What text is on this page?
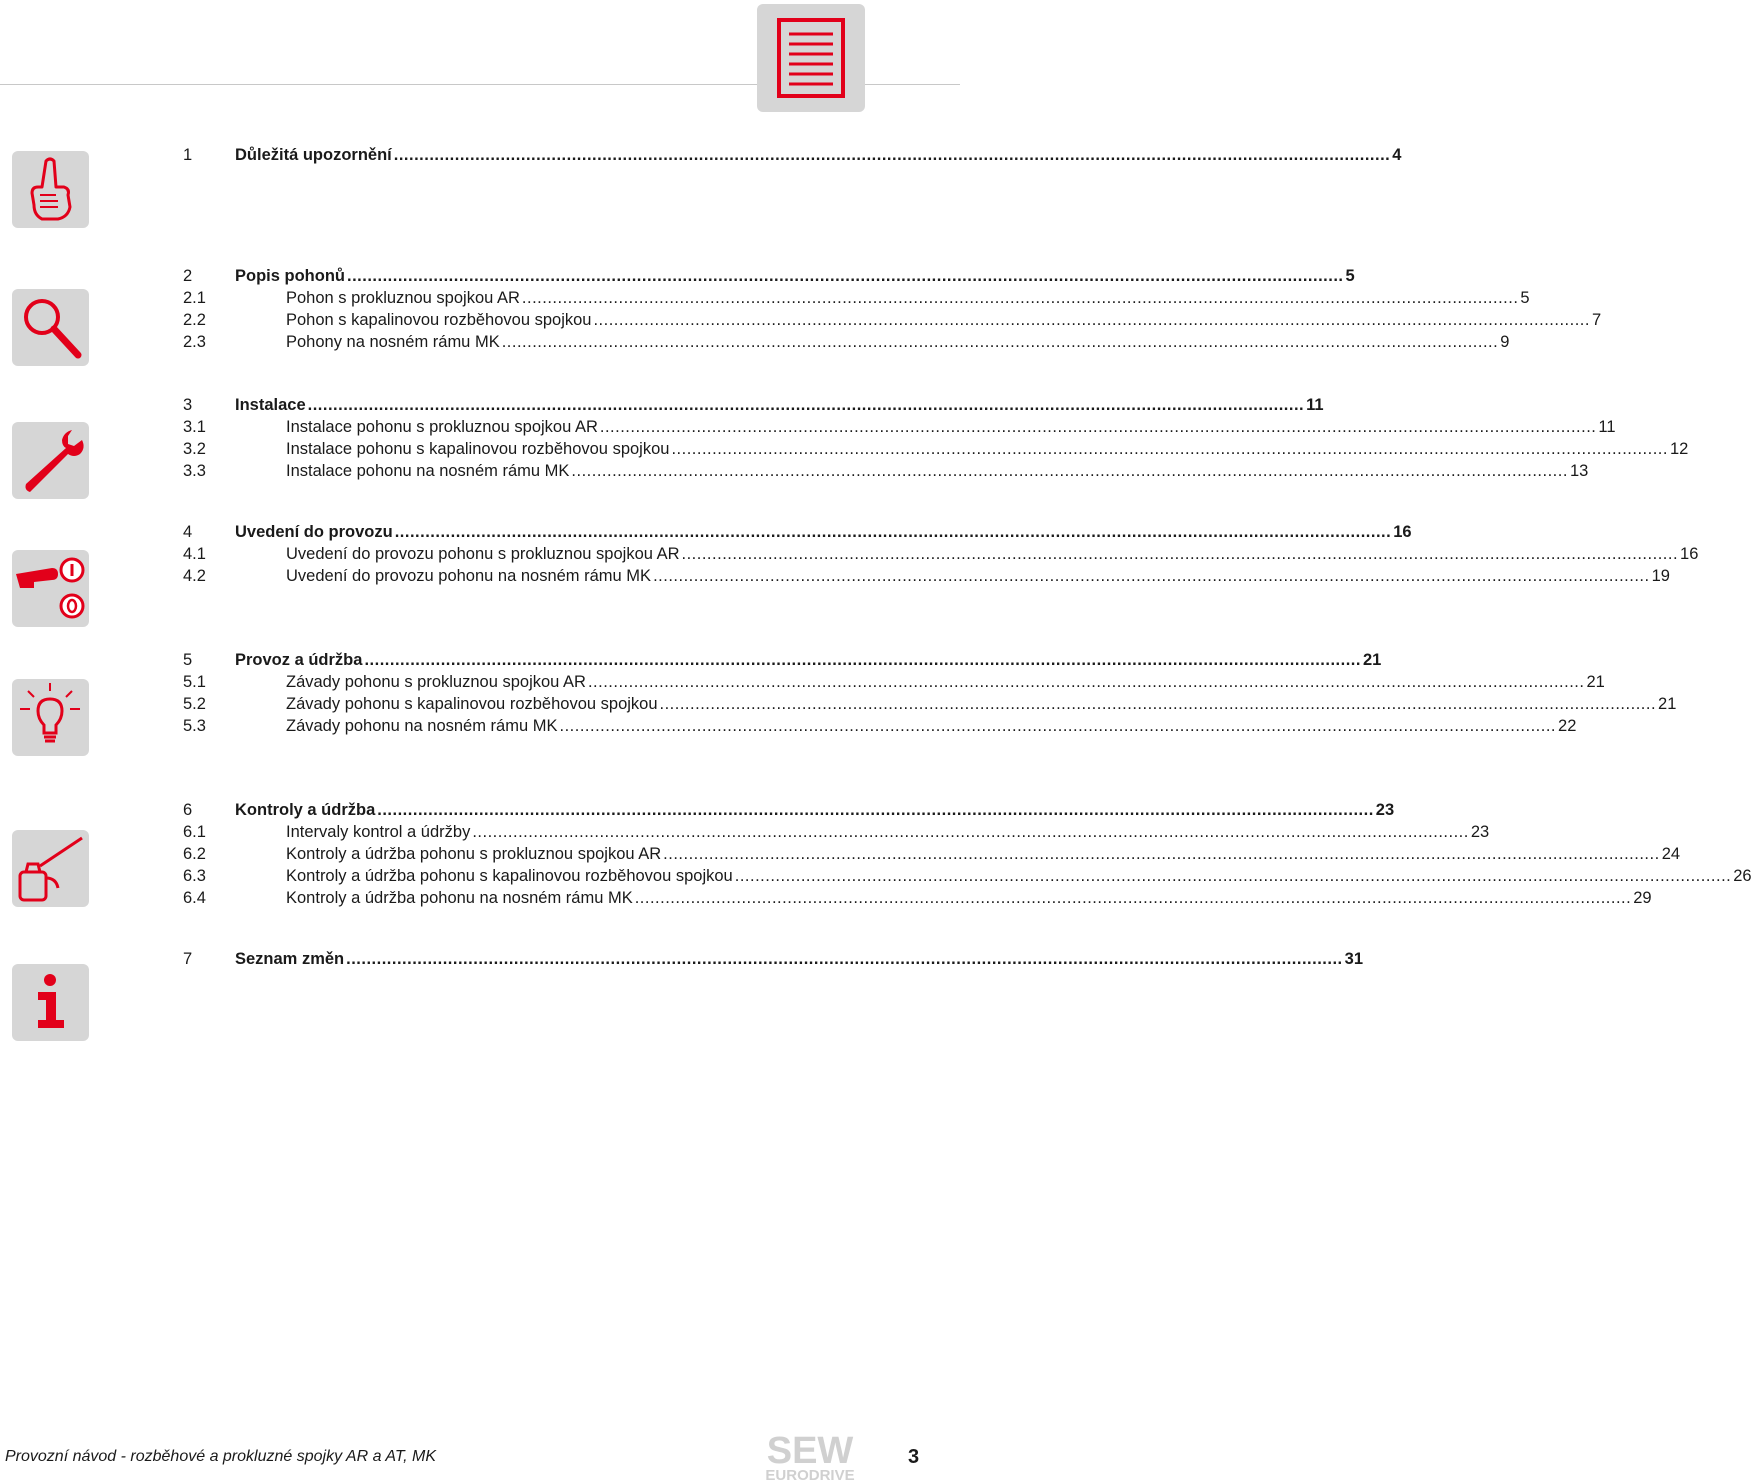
1	Důležitá upozornění .................................................................................................................................................................................................... 4
2	Popis pohonů .................................................................................................................................................................................................... 5
2.1	Pohon s prokluznou spojkou AR .................................................................................................................................................................................................... 5
2.2	Pohon s kapalinovou rozběhovou spojkou .................................................................................................................................................................................................... 7
2.3	Pohony na nosném rámu MK .................................................................................................................................................................................................... 9
3	Instalace .................................................................................................................................................................................................... 11
3.1	Instalace pohonu s prokluznou spojkou AR .................................................................................................................................................................................................... 11
3.2	Instalace pohonu s kapalinovou rozběhovou spojkou .................................................................................................................................................................................................... 12
3.3	Instalace pohonu na nosném rámu MK .................................................................................................................................................................................................... 13
4	Uvedení do provozu .................................................................................................................................................................................................... 16
4.1	Uvedení do provozu pohonu s prokluznou spojkou AR .................................................................................................................................................................................................... 16
4.2	Uvedení do provozu pohonu na nosném rámu MK .................................................................................................................................................................................................... 19
5	Provoz a údržba .................................................................................................................................................................................................... 21
5.1	Závady pohonu s prokluznou spojkou AR .................................................................................................................................................................................................... 21
5.2	Závady pohonu s kapalinovou rozběhovou spojkou .................................................................................................................................................................................................... 21
5.3	Závady pohonu na nosném rámu MK .................................................................................................................................................................................................... 22
6	Kontroly a údržba .................................................................................................................................................................................................... 23
6.1	Intervaly kontrol a údržby .................................................................................................................................................................................................... 23
6.2	Kontroly a údržba pohonu s prokluznou spojkou AR .................................................................................................................................................................................................... 24
6.3	Kontroly a údržba pohonu s kapalinovou rozběhovou spojkou .................................................................................................................................................................................................... 26
6.4	Kontroly a údržba pohonu na nosném rámu MK .................................................................................................................................................................................................... 29
7	Seznam změn .................................................................................................................................................................................................... 31
Provozní návod - rozběhové a prokluzné spojky AR a AT, MK	SEW
EURODRIVE
3
